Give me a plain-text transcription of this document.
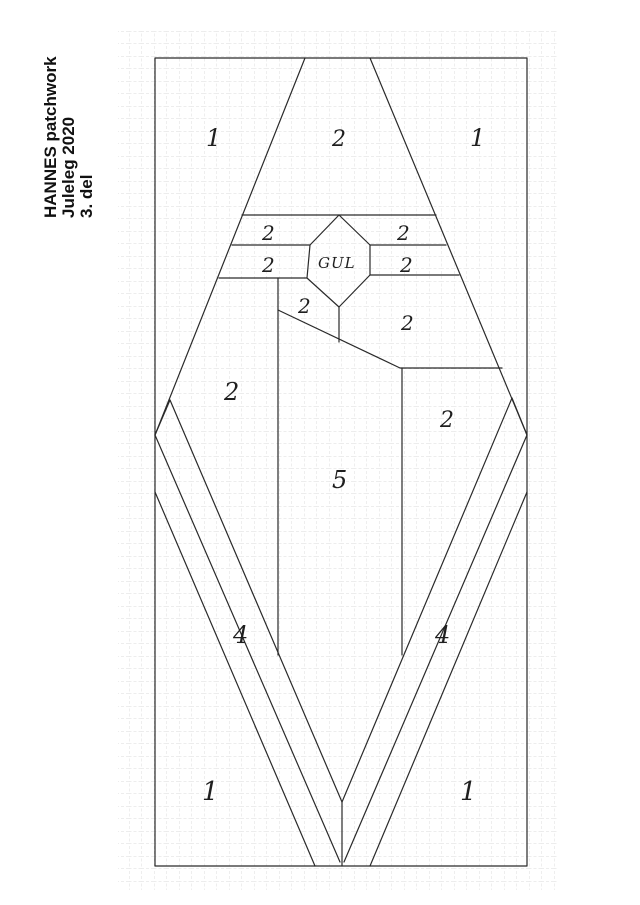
HANNES patchwork Juleleg 2020 3. del
1	2	1
2	2
2	2
GUL
2
2
2
2
5
4	4
1	1
